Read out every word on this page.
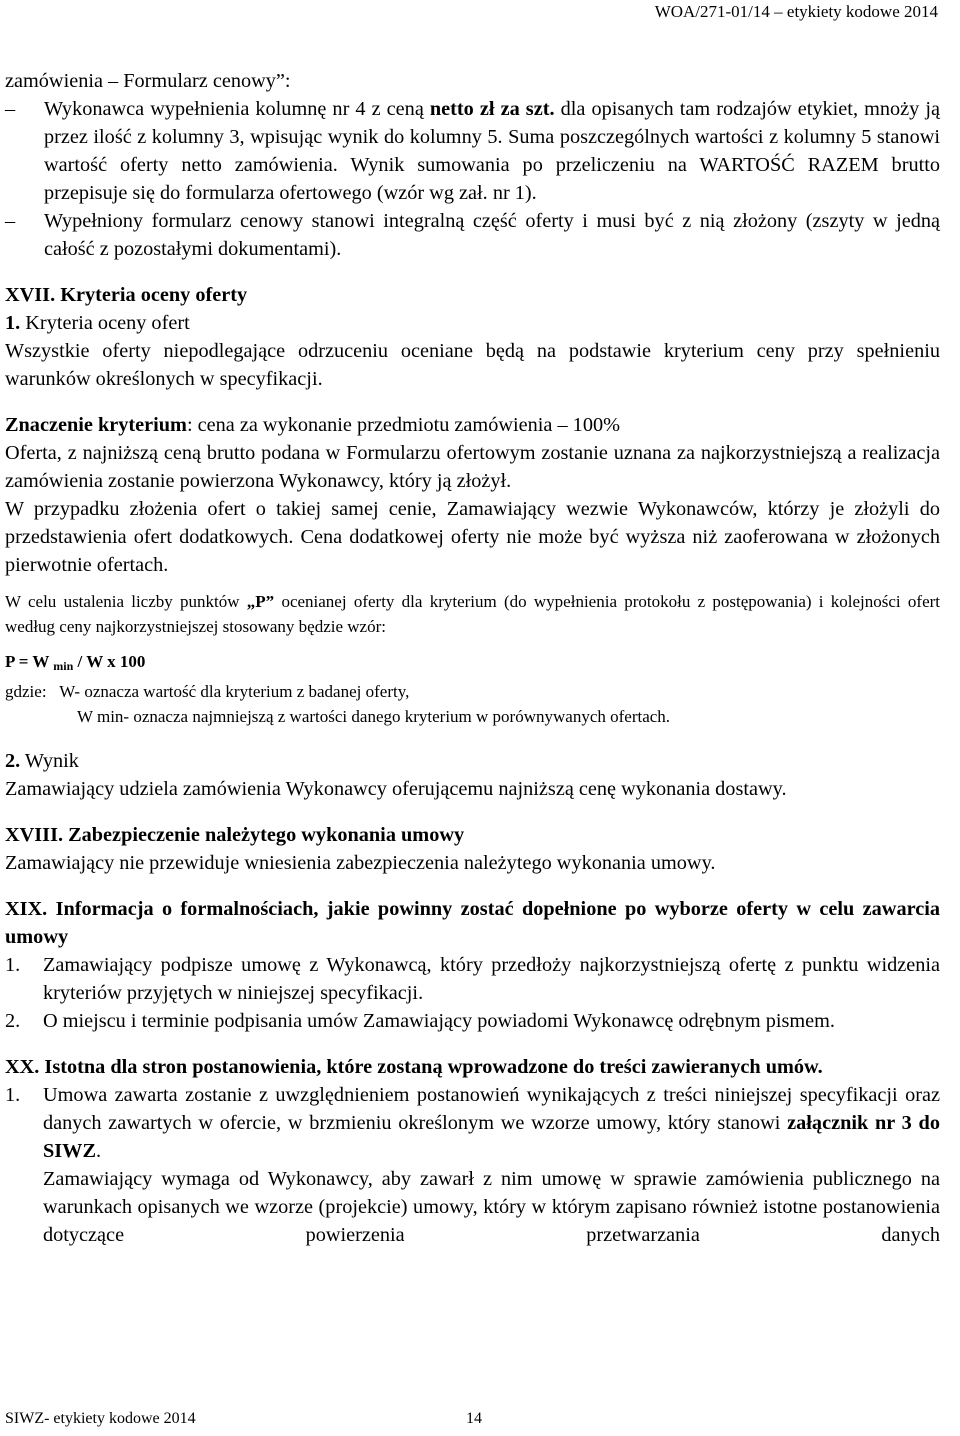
WOA/271-01/14 – etykiety kodowe 2014

zamówienia – Formularz cenowy”:

– Wykonawca wypełnienia kolumnę nr 4 z ceną netto zł za szt. dla opisanych tam rodzajów etykiet, mnoży ją przez ilość z kolumny 3, wpisując wynik do kolumny 5. Suma poszczególnych wartości z kolumny 5 stanowi wartość oferty netto zamówienia. Wynik sumowania po przeliczeniu na WARTOŚĆ RAZEM brutto przepisuje się do formularza ofertowego (wzór wg zał. nr 1).

– Wypełniony formularz cenowy stanowi integralną część oferty i musi być z nią złożony (zszyty w jedną całość z pozostałymi dokumentami).

XVII. Kryteria oceny oferty

1. Kryteria oceny ofert

Wszystkie oferty niepodlegające odrzuceniu oceniane będą na podstawie kryterium ceny przy spełnieniu warunków określonych w specyfikacji.

Znaczenie kryterium: cena za wykonanie przedmiotu zamówienia – 100%

Oferta, z najniższą ceną brutto podana w Formularzu ofertowym zostanie uznana za najkorzystniejszą a realizacja zamówienia zostanie powierzona Wykonawcy, który ją złożył.

W przypadku złożenia ofert o takiej samej cenie, Zamawiający wezwie Wykonawców, którzy je złożyli do przedstawienia ofert dodatkowych. Cena dodatkowej oferty nie może być wyższa niż zaoferowana w złożonych pierwotnie ofertach.

W celu ustalenia liczby punktów „P” ocenianej oferty dla kryterium (do wypełnienia protokołu z postępowania) i kolejności ofert według ceny najkorzystniejszej stosowany będzie wzór:

P = W $_{min}$ / W x 100

gdzie: W- oznacza wartość dla kryterium z badanej oferty,

W min- oznacza najmniejszą z wartości danego kryterium w porównywanych ofertach.

2. Wynik

Zamawiający udziela zamówienia Wykonawcy oferującemu najniższą cenę wykonania dostawy.

XVIII. Zabezpieczenie należytego wykonania umowy

Zamawiający nie przewiduje wniesienia zabezpieczenia należytego wykonania umowy.

XIX. Informacja o formalnościach, jakie powinny zostać dopełnione po wyborze oferty w celu zawarcia umowy

1. Zamawiający podpisze umowę z Wykonawcą, który przedłoży najkorzystniejszą ofertę z punktu widzenia kryteriów przyjętych w niniejszej specyfikacji.

2. O miejscu i terminie podpisania umów Zamawiający powiadomi Wykonawcę odrębnym pismem.

XX. Istotna dla stron postanowienia, które zostaną wprowadzone do treści zawieranych umów.

1. Umowa zawarta zostanie z uwzględnieniem postanowień wynikających z treści niniejszej specyfikacji oraz danych zawartych w ofercie, w brzmieniu określonym we wzorze umowy, który stanowi załącznik nr 3 do SIWZ.

Zamawiający wymaga od Wykonawcy, aby zawarł z nim umowę w sprawie zamówienia publicznego na warunkach opisanych we wzorze (projekcie) umowy, który w którym zapisano również istotne postanowienia dotyczące powierzenia przetwarzania danych

SIWZ- etykiety kodowe 2014	14
